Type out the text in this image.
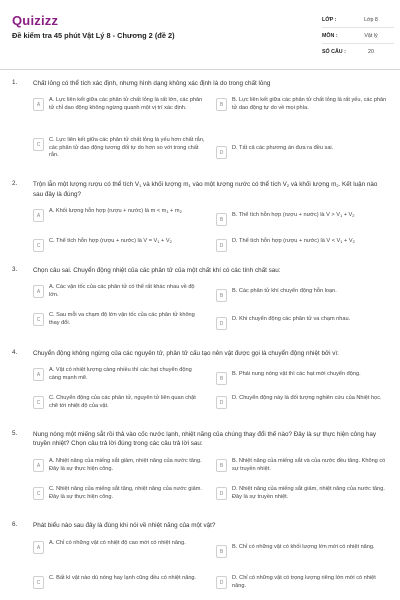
Quizizz
Đề kiểm tra 45 phút Vật Lý 8 - Chương 2 (đề 2)
LỚP :	Lớp 8
MÔN :	Vật lý
SỐ CÂU :	20
1. Chất lỏng có thể tích xác định, nhưng hình dạng không xác định là do trong chất lỏng
A
A. Lực liên kết giữa các phân tử chất lỏng là rất lớn, các phân tử chỉ dao động không ngừng quanh một vị trí xác định.
B
B. Lực liên kết giữa các phân tử chất lỏng là rất yếu, các phân tử dao động tự do về mọi phía.
C
C. Lực liên kết giữa các phân tử chất lỏng là yếu hơn chất rắn, các phân tử dao động tương đối tự do hơn so với trong chất rắn.	D
D. Tất cả các phương án đưa ra đều sai.
2. Trộn lẫn một lượng rượu có thể tích $V_1$ và khối lượng $m_1$ vào một lượng nước có thể tích $V_2$ và khối lượng $m_2$. Kết luận nào sau đây là đúng?
A
A. Khối lượng hỗn hợp (rượu + nước) là $m < m_1 + m_2$
B
B. Thể tích hỗn hợp (rượu + nước) là $V > V_1 + V_2$
C
C. Thể tích hỗn hợp (rượu + nước) là $V = V_1 + V_2$
D
D. Thể tích hỗn hợp (rượu + nước) là $V < V_1 + V_2$
3. Chọn câu sai. Chuyển động nhiệt của các phân tử của một chất khí có các tính chất sau:
A
A. Các vận tốc của các phân tử có thể rất khác nhau về độ lớn.	B
B. Các phân tử khí chuyển động hỗn loạn.
C
C. Sau mỗi va chạm độ lớn vận tốc của các phân tử không thay đổi.	D
D. Khi chuyển động các phân tử va chạm nhau.
4. Chuyển động không ngừng của các nguyên tử, phân tử cấu tạo nên vật được gọi là chuyển động nhiệt bởi vì:
A
A. Vật có nhiệt lượng càng nhiều thì các hạt chuyển động càng mạnh mẽ.	B
B. Phải nung nóng vật thì các hạt mới chuyển động.
C
C. Chuyển động của các phân tử, nguyên tử liên quan chặt chẽ tới nhiệt độ của vật.
D
D. Chuyển động này là đối tượng nghiên cứu của Nhiệt học.
5. Nung nóng một miếng sắt rồi thả vào cốc nước lạnh, nhiệt năng của chúng thay đổi thế nào? Đây là sự thực hiện công hay truyền nhiệt? Chọn câu trả lời đúng trong các câu trả lời sau:
A
A. Nhiệt năng của miếng sắt giảm, nhiệt năng của nước tăng. Đây là sự thực hiện công.
B
B. Nhiệt năng của miếng sắt và của nước đều tăng. Không có sự truyền nhiệt.
C
C. Nhiệt năng của miếng sắt tăng, nhiệt năng của nước giảm. Đây là sự thực hiện công.
D
D. Nhiệt năng của miếng sắt giảm, nhiệt năng của nước tăng. Đây là sự truyền nhiệt.
6. Phát biểu nào sau đây là đúng khi nói về nhiệt năng của một vật?
A
A. Chỉ có những vật có nhiệt độ cao mới có nhiệt năng.
B
B. Chỉ có những vật có khối lượng lớn mới có nhiệt năng.
C
C. Bất kì vật nào dù nóng hay lạnh cũng đều có nhiệt năng.
D
D. Chỉ có những vật có trọng lượng riêng lớn mới có nhiệt năng.
